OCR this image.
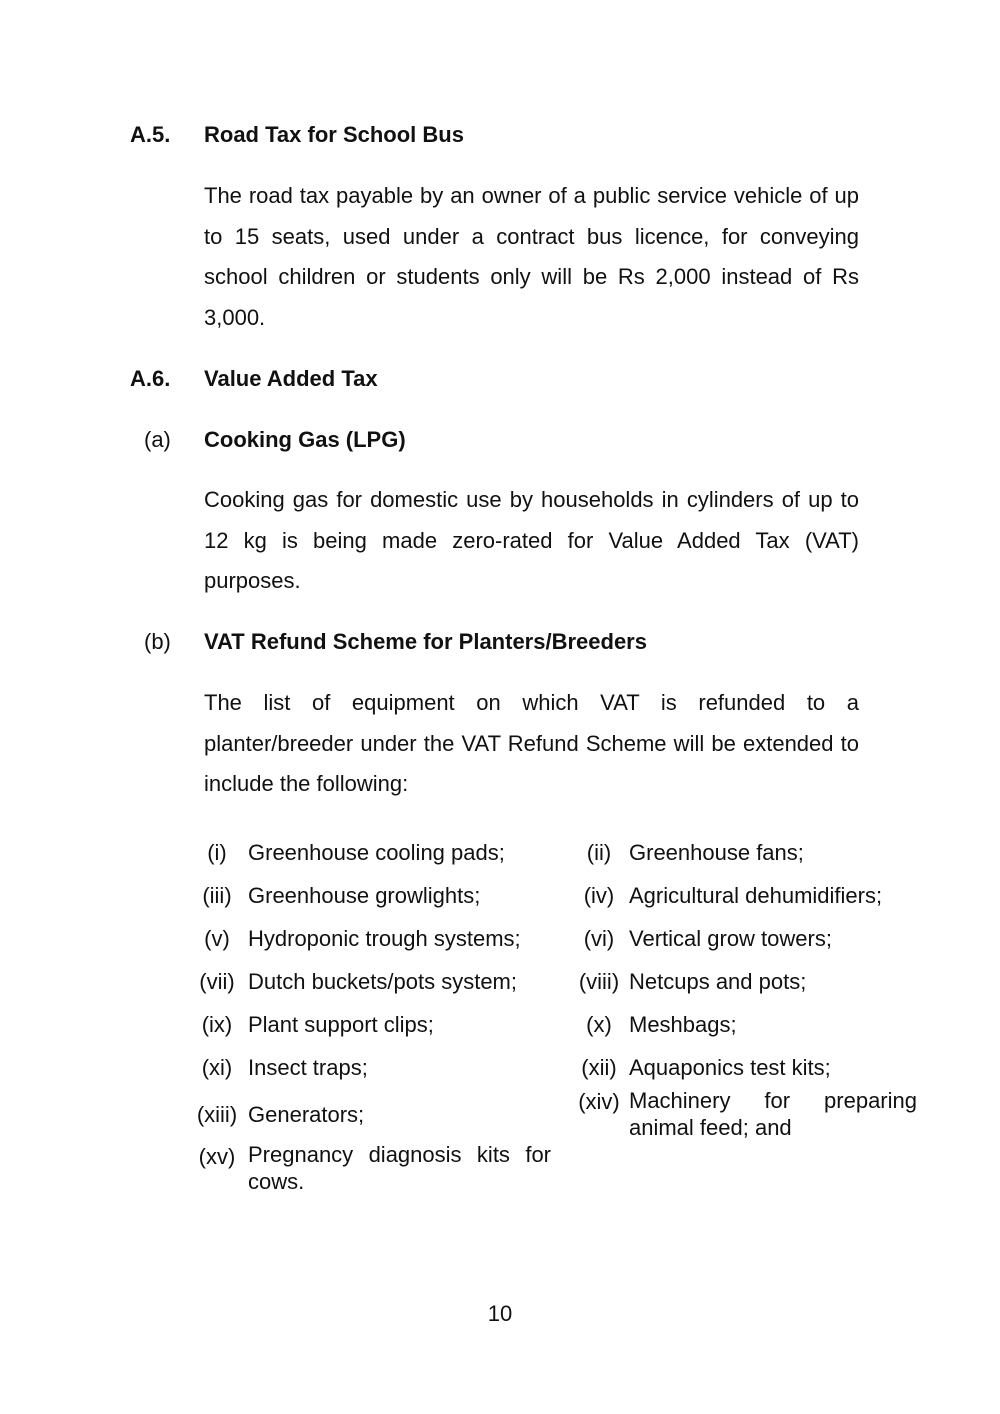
A.5. Road Tax for School Bus
The road tax payable by an owner of a public service vehicle of up to 15 seats, used under a contract bus licence, for conveying school children or students only will be Rs 2,000 instead of Rs 3,000.
A.6. Value Added Tax
(a) Cooking Gas (LPG)
Cooking gas for domestic use by households in cylinders of up to 12 kg is being made zero-rated for Value Added Tax (VAT) purposes.
(b) VAT Refund Scheme for Planters/Breeders
The list of equipment on which VAT is refunded to a planter/breeder under the VAT Refund Scheme will be extended to include the following:
(i) Greenhouse cooling pads;
(iii) Greenhouse growlights;
(v) Hydroponic trough systems;
(vii) Dutch buckets/pots system;
(ix) Plant support clips;
(xi) Insect traps;
(xiii) Generators;
(xv) Pregnancy diagnosis kits for cows.
(ii) Greenhouse fans;
(iv) Agricultural dehumidifiers;
(vi) Vertical grow towers;
(viii) Netcups and pots;
(x) Meshbags;
(xii) Aquaponics test kits;
(xiv) Machinery for preparing animal feed; and
10
